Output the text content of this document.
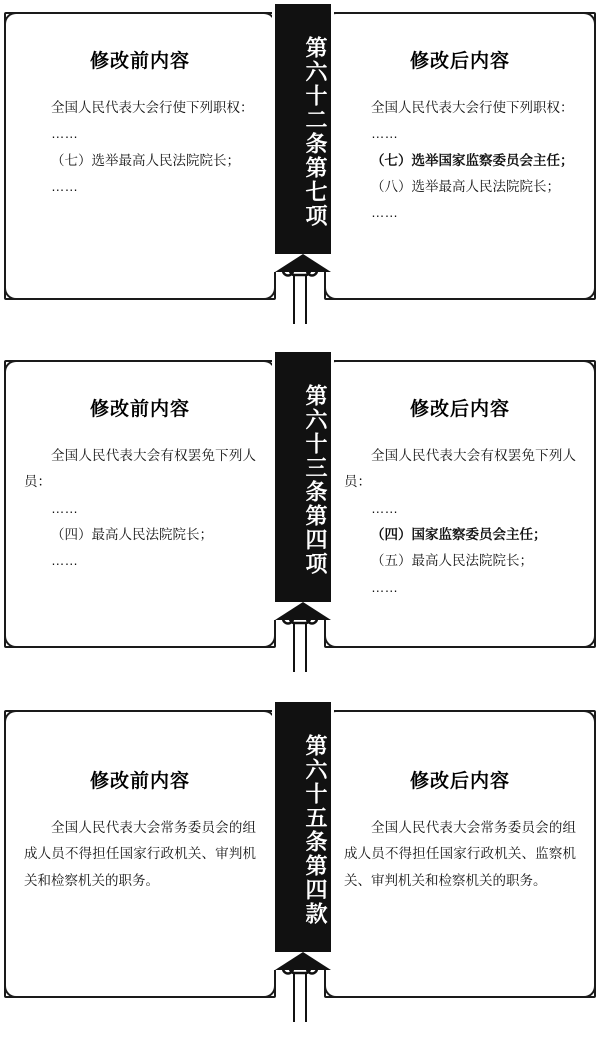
修改前内容

全国人民代表大会行使下列职权：

……

（七）选举最高人民法院院长；

……

修改后内容

全国人民代表大会行使下列职权：

……

（七）选举国家监察委员会主任；

（八）选举最高人民法院院长；

……

第六十二条第七项
修改前内容

全国人民代表大会有权罢免下列人员：

……

（四）最高人民法院院长；

……

修改后内容

全国人民代表大会有权罢免下列人员：

……

（四）国家监察委员会主任；

（五）最高人民法院院长；

……

第六十三条第四项
修改前内容

全国人民代表大会常务委员会的组成人员不得担任国家行政机关、审判机关和检察机关的职务。

修改后内容

全国人民代表大会常务委员会的组成人员不得担任国家行政机关、监察机关、审判机关和检察机关的职务。

第六十五条第四款
